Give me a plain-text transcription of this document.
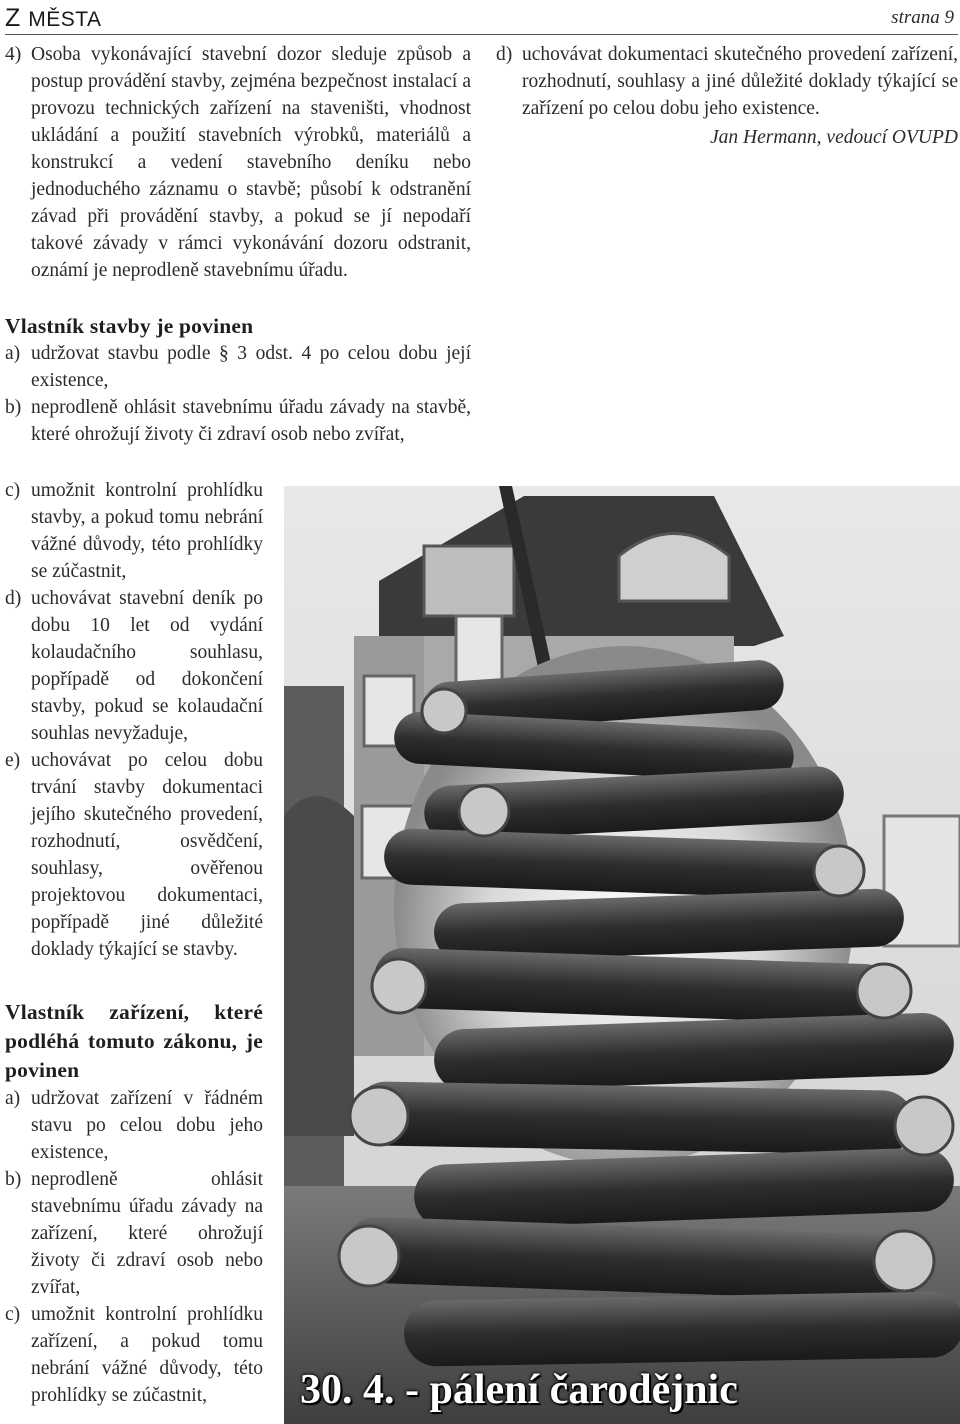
Z MĚSTA	strana 9
4) Osoba vykonávající stavební dozor sleduje způsob a postup provádění stavby, zejména bezpečnost instalací a provozu technických zařízení na staveništi, vhodnost ukládání a použití stavebních výrobků, materiálů a konstrukcí a vedení stavebního deníku nebo jednoduchého záznamu o stavbě; působí k odstranění závad při provádění stavby, a pokud se jí nepodaří takové závady v rámci vykonávání dozoru odstranit, oznámí je neprodleně stavebnímu úřadu.
d) uchovávat dokumentaci skutečného provedení zařízení, rozhodnutí, souhlasy a jiné důležité doklady týkající se zařízení po celou dobu jeho existence.
Jan Hermann, vedoucí OVUPD
Vlastník stavby je povinen
a) udržovat stavbu podle § 3 odst. 4 po celou dobu její existence,
b) neprodleně ohlásit stavebnímu úřadu závady na stavbě, které ohrožují životy či zdraví osob nebo zvířat,
c) umožnit kontrolní prohlídku stavby, a pokud tomu nebrání vážné důvody, této prohlídky se zúčastnit,
d) uchovávat stavební deník po dobu 10 let od vydání kolaudačního souhlasu, popřípadě od dokončení stavby, pokud se kolaudační souhlas nevyžaduje,
e) uchovávat po celou dobu trvání stavby dokumentaci jejího skutečného provedení, rozhodnutí, osvědčení, souhlasy, ověřenou projektovou dokumentaci, popřípadě jiné důležité doklady týkající se stavby.
Vlastník zařízení, které podléhá tomuto zákonu, je povinen
a) udržovat zařízení v řádném stavu po celou dobu jeho existence,
b) neprodleně ohlásit stavebnímu úřadu závady na zařízení, které ohrožují životy či zdraví osob nebo zvířat,
c) umožnit kontrolní prohlídku zařízení, a pokud tomu nebrání vážné důvody, této prohlídky se zúčastnit,	30. 4. - pálení čarodějnic
